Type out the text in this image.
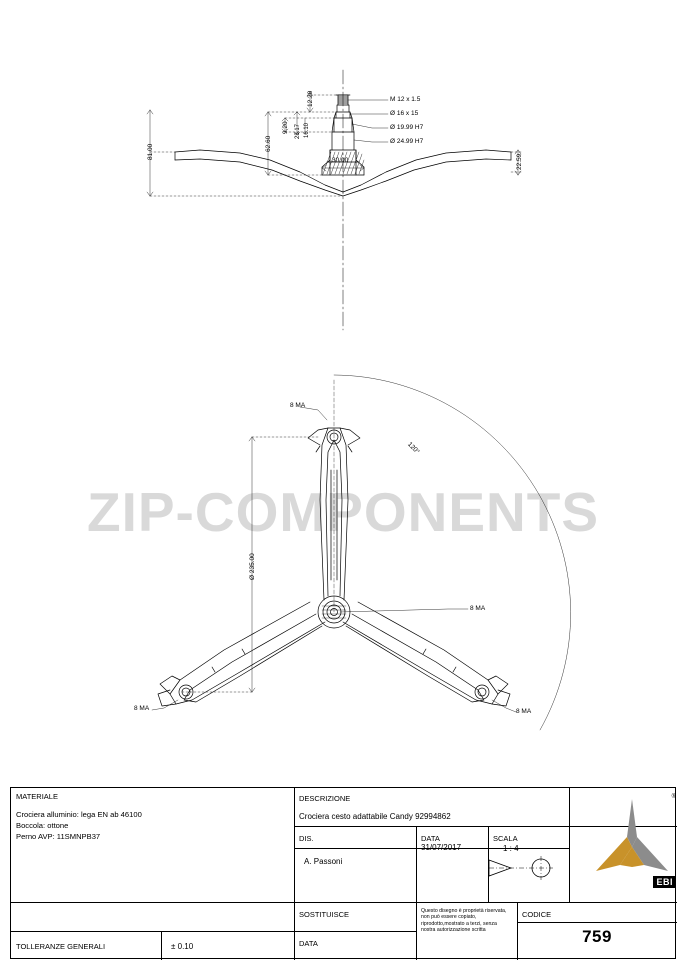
ZIP-COMPONENTS
81.00	62.60
9.20 23.17 16.10
12.20
30.00	22.59
M 12 x 1.5
Ø 16 x 15
Ø 19.99 H7
Ø 24.99 H7
Ø 235.00
120°
8 MA
8 MA
8 MA	8 MA
MATERIALE
Crociera alluminio: lega EN ab 46100
Boccola: ottone
Perno AVP: 11SMNPB37
TOLLERANZE GENERALI	± 0.10
DESCRIZIONE
Crociera cesto adattabile Candy 92994862
DIS.	DATA	SCALA
A. Passoni
31/07/2017	1 : 4
SOSTITUISCE
DATA
Questo disegno è proprietà riservata, non può essere copiato, riprodotto,mostrato a terzi, senza nostra autorizzazione scritta
CODICE
759
®
EBI
